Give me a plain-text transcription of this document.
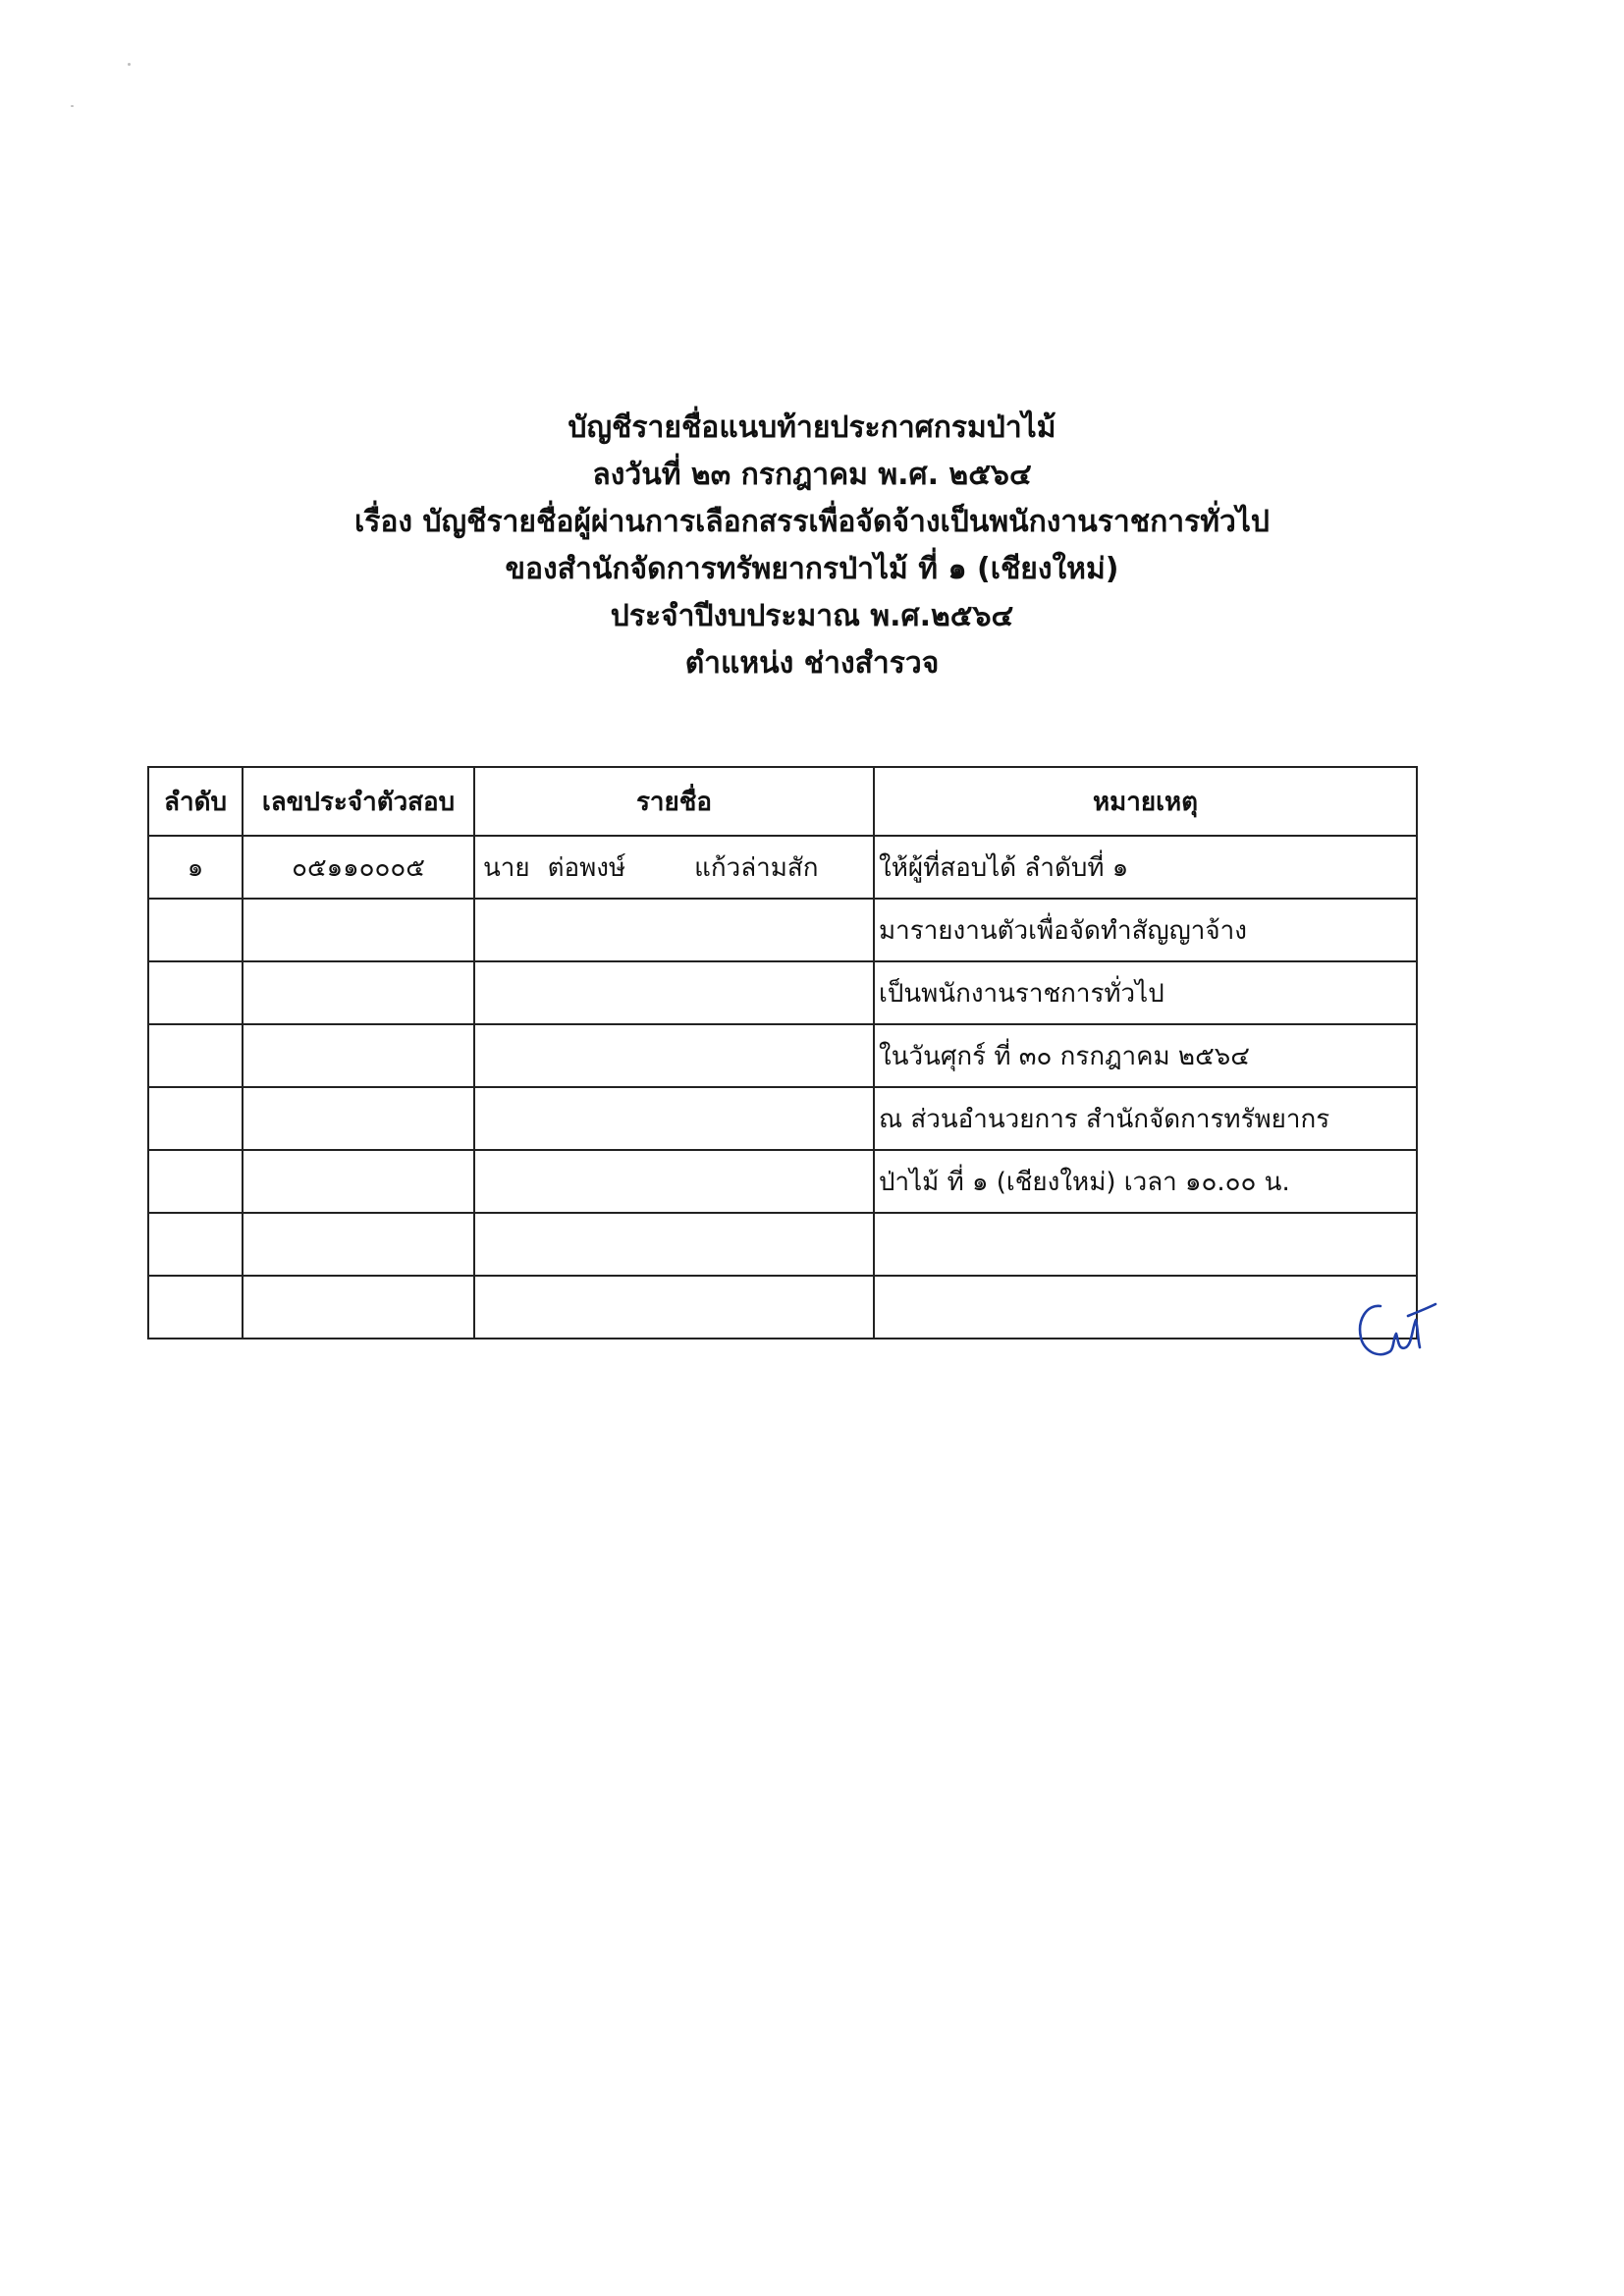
บัญชีรายชื่อแนบท้ายประกาศกรมป่าไม้
ลงวันที่ ๒๓ กรกฎาคม พ.ศ. ๒๕๖๔
เรื่อง บัญชีรายชื่อผู้ผ่านการเลือกสรรเพื่อจัดจ้างเป็นพนักงานราชการทั่วไป
ของสำนักจัดการทรัพยากรป่าไม้ ที่ ๑ (เชียงใหม่)
ประจำปีงบประมาณ พ.ศ.๒๕๖๔
ตำแหน่ง ช่างสำรวจ
ลำดับ	เลขประจำตัวสอบ	รายชื่อ	หมายเหตุ
๑	๐๕๑๑๐๐๐๕	นาย ต่อพงษ์ แก้วล่ามสัก	ให้ผู้ที่สอบได้ ลำดับที่ ๑
			มารายงานตัวเพื่อจัดทำสัญญาจ้าง
			เป็นพนักงานราชการทั่วไป
			ในวันศุกร์ ที่ ๓๐ กรกฎาคม ๒๕๖๔
			ณ ส่วนอำนวยการ สำนักจัดการทรัพยากร
			ป่าไม้ ที่ ๑ (เชียงใหม่) เวลา ๑๐.๐๐ น.
